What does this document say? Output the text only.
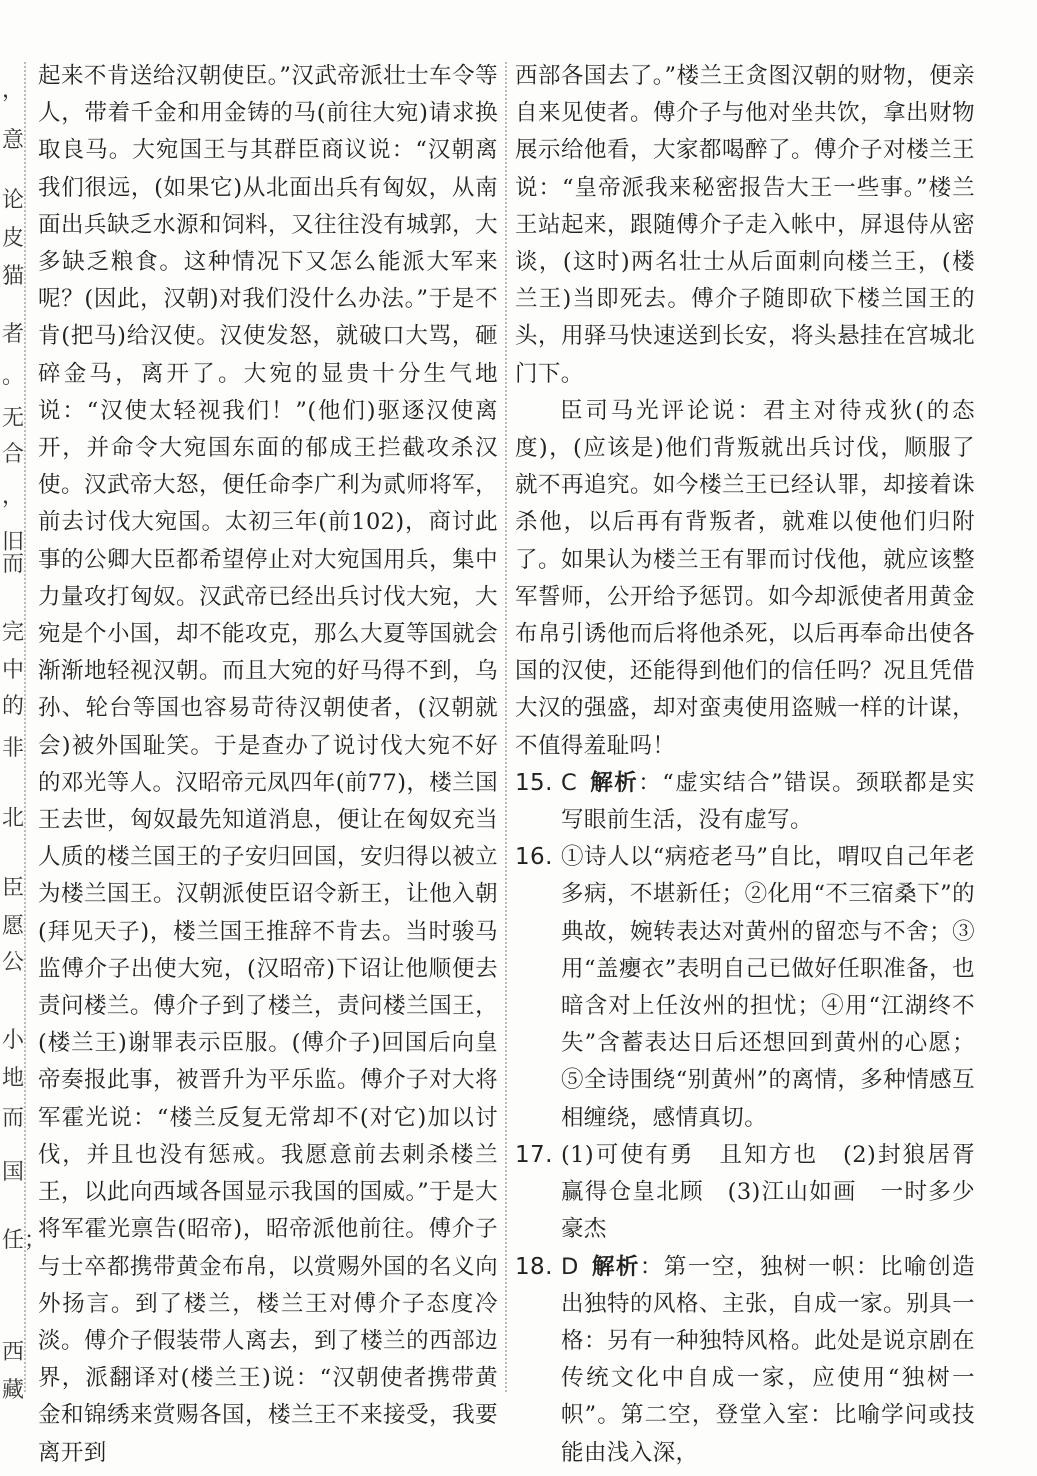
，
意
论
皮
猫
者
。
无
合
，
旧
而
完
中
的
非
北
臣
愿
公
小
地
而
国
任；
西
藏

起来不肯送给汉朝使臣。”汉武帝派壮士车令等人，带着千金和用金铸的马(前往大宛)请求换取良马。大宛国王与其群臣商议说：“汉朝离我们很远，(如果它)从北面出兵有匈奴，从南面出兵缺乏水源和饲料，又往往没有城郭，大多缺乏粮食。这种情况下又怎么能派大军来呢？(因此，汉朝)对我们没什么办法。”于是不肯(把马)给汉使。汉使发怒，就破口大骂，砸碎金马，离开了。大宛的显贵十分生气地说：“汉使太轻视我们！”(他们)驱逐汉使离开，并命令大宛国东面的郁成王拦截攻杀汉使。汉武帝大怒，便任命李广利为贰师将军，前去讨伐大宛国。太初三年(前102)，商讨此事的公卿大臣都希望停止对大宛国用兵，集中力量攻打匈奴。汉武帝已经出兵讨伐大宛，大宛是个小国，却不能攻克，那么大夏等国就会渐渐地轻视汉朝。而且大宛的好马得不到，乌孙、轮台等国也容易苛待汉朝使者，(汉朝就会)被外国耻笑。于是查办了说讨伐大宛不好的邓光等人。汉昭帝元凤四年(前77)，楼兰国王去世，匈奴最先知道消息，便让在匈奴充当人质的楼兰国王的子安归回国，安归得以被立为楼兰国王。汉朝派使臣诏令新王，让他入朝(拜见天子)，楼兰国王推辞不肯去。当时骏马监傅介子出使大宛，(汉昭帝)下诏让他顺便去责问楼兰。傅介子到了楼兰，责问楼兰国王，(楼兰王)谢罪表示臣服。(傅介子)回国后向皇帝奏报此事，被晋升为平乐监。傅介子对大将军霍光说：“楼兰反复无常却不(对它)加以讨伐，并且也没有惩戒。我愿意前去刺杀楼兰王，以此向西域各国显示我国的国威。”于是大将军霍光禀告(昭帝)，昭帝派他前往。傅介子与士卒都携带黄金布帛，以赏赐外国的名义向外扬言。到了楼兰，楼兰王对傅介子态度冷淡。傅介子假装带人离去，到了楼兰的西部边界，派翻译对(楼兰王)说：“汉朝使者携带黄金和锦绣来赏赐各国，楼兰王不来接受，我要离开到

西部各国去了。”楼兰王贪图汉朝的财物，便亲自来见使者。傅介子与他对坐共饮，拿出财物展示给他看，大家都喝醉了。傅介子对楼兰王说：“皇帝派我来秘密报告大王一些事。”楼兰王站起来，跟随傅介子走入帐中，屏退侍从密谈，(这时)两名壮士从后面刺向楼兰王，(楼兰王)当即死去。傅介子随即砍下楼兰国王的头，用驿马快速送到长安，将头悬挂在宫城北门下。

臣司马光评论说：君主对待戎狄(的态度)，(应该是)他们背叛就出兵讨伐，顺服了就不再追究。如今楼兰王已经认罪，却接着诛杀他，以后再有背叛者，就难以使他们归附了。如果认为楼兰王有罪而讨伐他，就应该整军誓师，公开给予惩罚。如今却派使者用黄金布帛引诱他而后将他杀死，以后再奉命出使各国的汉使，还能得到他们的信任吗？况且凭借大汉的强盛，却对蛮夷使用盗贼一样的计谋，不值得羞耻吗！

15. C 解析：“虚实结合”错误。颈联都是实写眼前生活，没有虚写。

16. ①诗人以“病疮老马”自比，喟叹自己年老多病，不堪新任；②化用“不三宿桑下”的典故，婉转表达对黄州的留恋与不舍；③用“盖癭衣”表明自己已做好任职准备，也暗含对上任汝州的担忧；④用“江湖终不失”含蓄表达日后还想回到黄州的心愿；⑤全诗围绕“别黄州”的离情，多种情感互相缠绕，感情真切。

17. (1)可使有勇　且知方也　(2)封狼居胥　赢得仓皇北顾　(3)江山如画　一时多少豪杰

18. D 解析：第一空，独树一帜：比喻创造出独特的风格、主张，自成一家。别具一格：另有一种独特风格。此处是说京剧在传统文化中自成一家，应使用“独树一帜”。第二空，登堂入室：比喻学问或技能由浅入深，
